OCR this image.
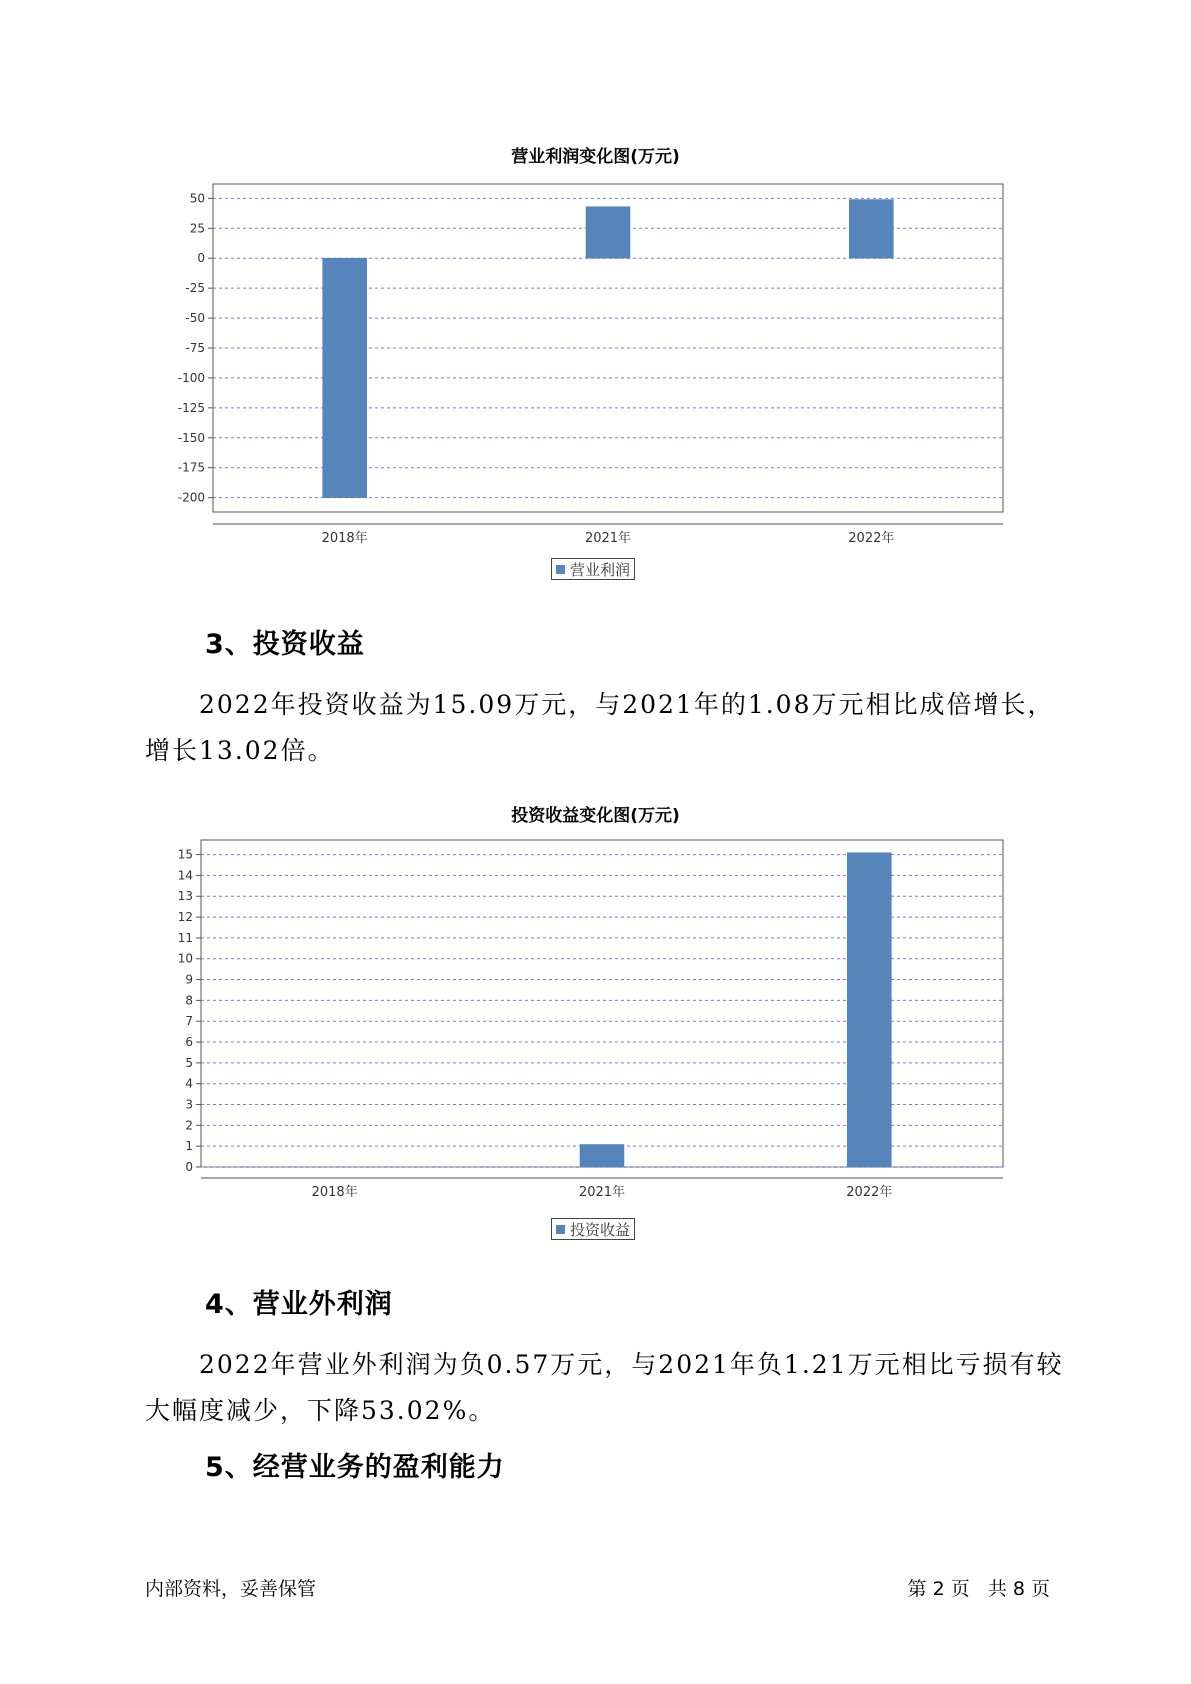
营业利润变化图(万元)
50
25
0
-25
-50
-75
-100
-125
-150
-175
-200
2018年	2021年	2022年
营业利润
3、投资收益
2022年投资收益为15.09万元，与2021年的1.08万元相比成倍增长，增长13.02倍。
投资收益变化图(万元)
15
14
13
12
11
10
9
8
7
6
5
4
3
2
1
0
2018年	2021年	2022年
投资收益
4、营业外利润
2022年营业外利润为负0.57万元，与2021年负1.21万元相比亏损有较大幅度减少，下降53.02%。
5、经营业务的盈利能力
内部资料，妥善保管	第 2 页   共 8 页
